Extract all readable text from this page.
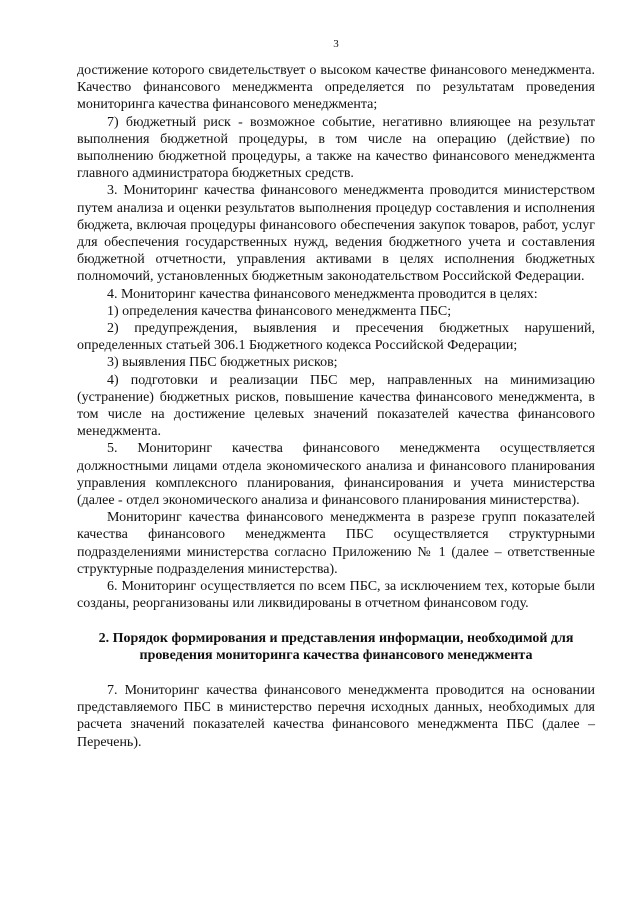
3

достижение которого свидетельствует о высоком качестве финансового менеджмента. Качество финансового менеджмента определяется по результатам проведения мониторинга качества финансового менеджмента;

7) бюджетный риск - возможное событие, негативно влияющее на результат выполнения бюджетной процедуры, в том числе на операцию (действие) по выполнению бюджетной процедуры, а также на качество финансового менеджмента главного администратора бюджетных средств.

3. Мониторинг качества финансового менеджмента проводится министерством путем анализа и оценки результатов выполнения процедур составления и исполнения бюджета, включая процедуры финансового обеспечения закупок товаров, работ, услуг для обеспечения государственных нужд, ведения бюджетного учета и составления бюджетной отчетности, управления активами в целях исполнения бюджетных полномочий, установленных бюджетным законодательством Российской Федерации.

4. Мониторинг качества финансового менеджмента проводится в целях:

1) определения качества финансового менеджмента ПБС;

2) предупреждения, выявления и пресечения бюджетных нарушений, определенных статьей 306.1 Бюджетного кодекса Российской Федерации;

3) выявления ПБС бюджетных рисков;

4) подготовки и реализации ПБС мер, направленных на минимизацию (устранение) бюджетных рисков, повышение качества финансового менеджмента, в том числе на достижение целевых значений показателей качества финансового менеджмента.

5. Мониторинг качества финансового менеджмента осуществляется должностными лицами отдела экономического анализа и финансового планирования управления комплексного планирования, финансирования и учета министерства (далее - отдел экономического анализа и финансового планирования министерства).

Мониторинг качества финансового менеджмента в разрезе групп показателей качества финансового менеджмента ПБС осуществляется структурными подразделениями министерства согласно Приложению № 1 (далее – ответственные структурные подразделения министерства).

6. Мониторинг осуществляется по всем ПБС, за исключением тех, которые были созданы, реорганизованы или ликвидированы в отчетном финансовом году.

2. Порядок формирования и представления информации, необходимой для проведения мониторинга качества финансового менеджмента

7. Мониторинг качества финансового менеджмента проводится на основании представляемого ПБС в министерство перечня исходных данных, необходимых для расчета значений показателей качества финансового менеджмента ПБС (далее – Перечень).
